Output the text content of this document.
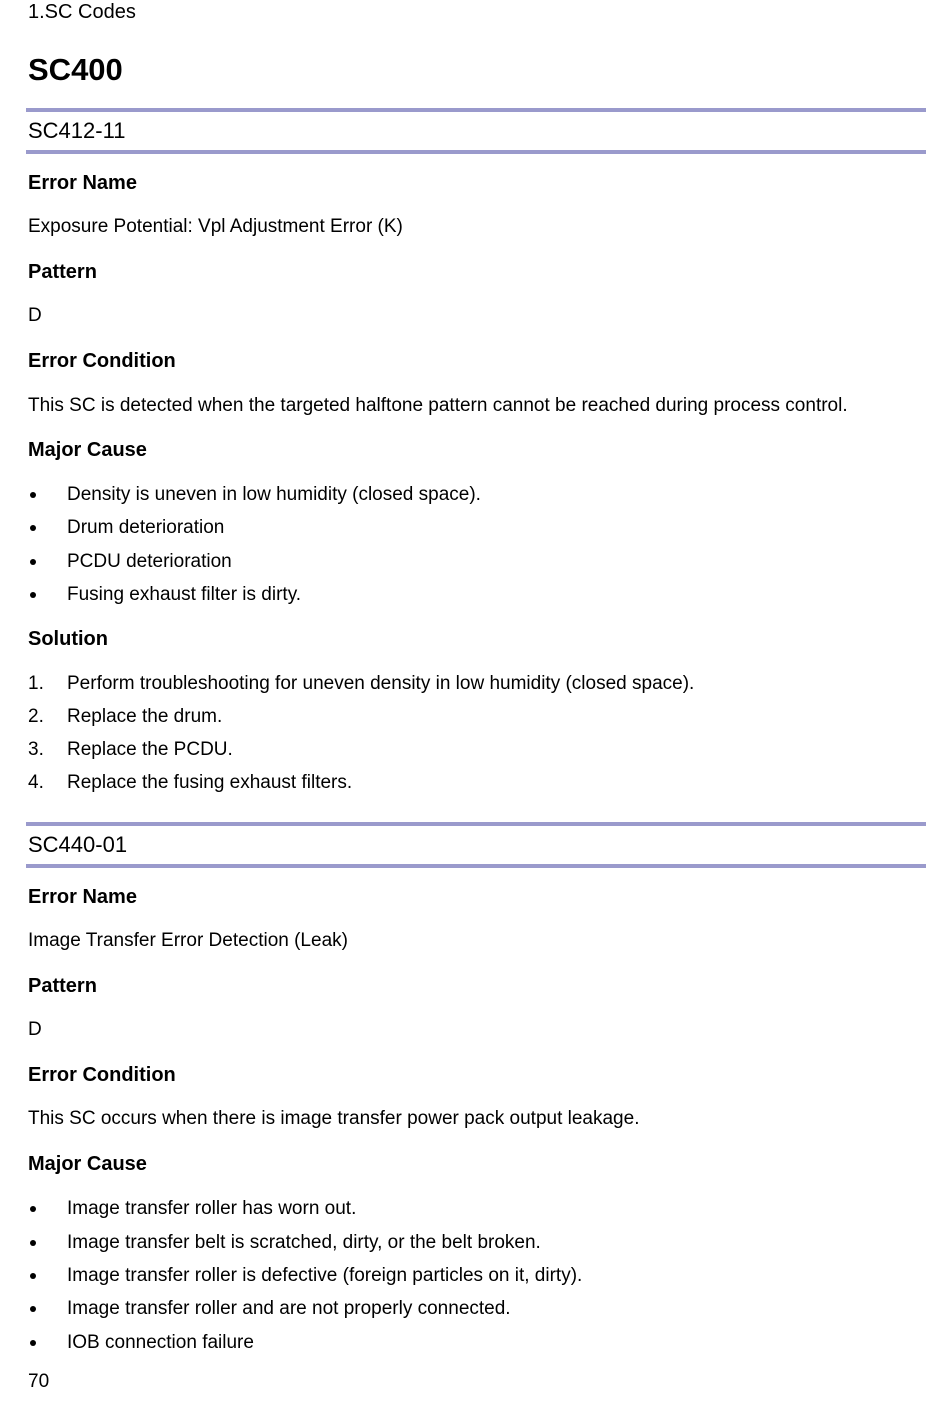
1.SC Codes
SC400
SC412-11
Error Name
Exposure Potential: Vpl Adjustment Error (K)
Pattern
D
Error Condition
This SC is detected when the targeted halftone pattern cannot be reached during process control.
Major Cause
Density is uneven in low humidity (closed space).
Drum deterioration
PCDU deterioration
Fusing exhaust filter is dirty.
Solution
1.	Perform troubleshooting for uneven density in low humidity (closed space).
2.	Replace the drum.
3.	Replace the PCDU.
4.	Replace the fusing exhaust filters.
SC440-01
Error Name
Image Transfer Error Detection (Leak)
Pattern
D
Error Condition
This SC occurs when there is image transfer power pack output leakage.
Major Cause
Image transfer roller has worn out.
Image transfer belt is scratched, dirty, or the belt broken.
Image transfer roller is defective (foreign particles on it, dirty).
Image transfer roller and are not properly connected.
IOB connection failure
70
